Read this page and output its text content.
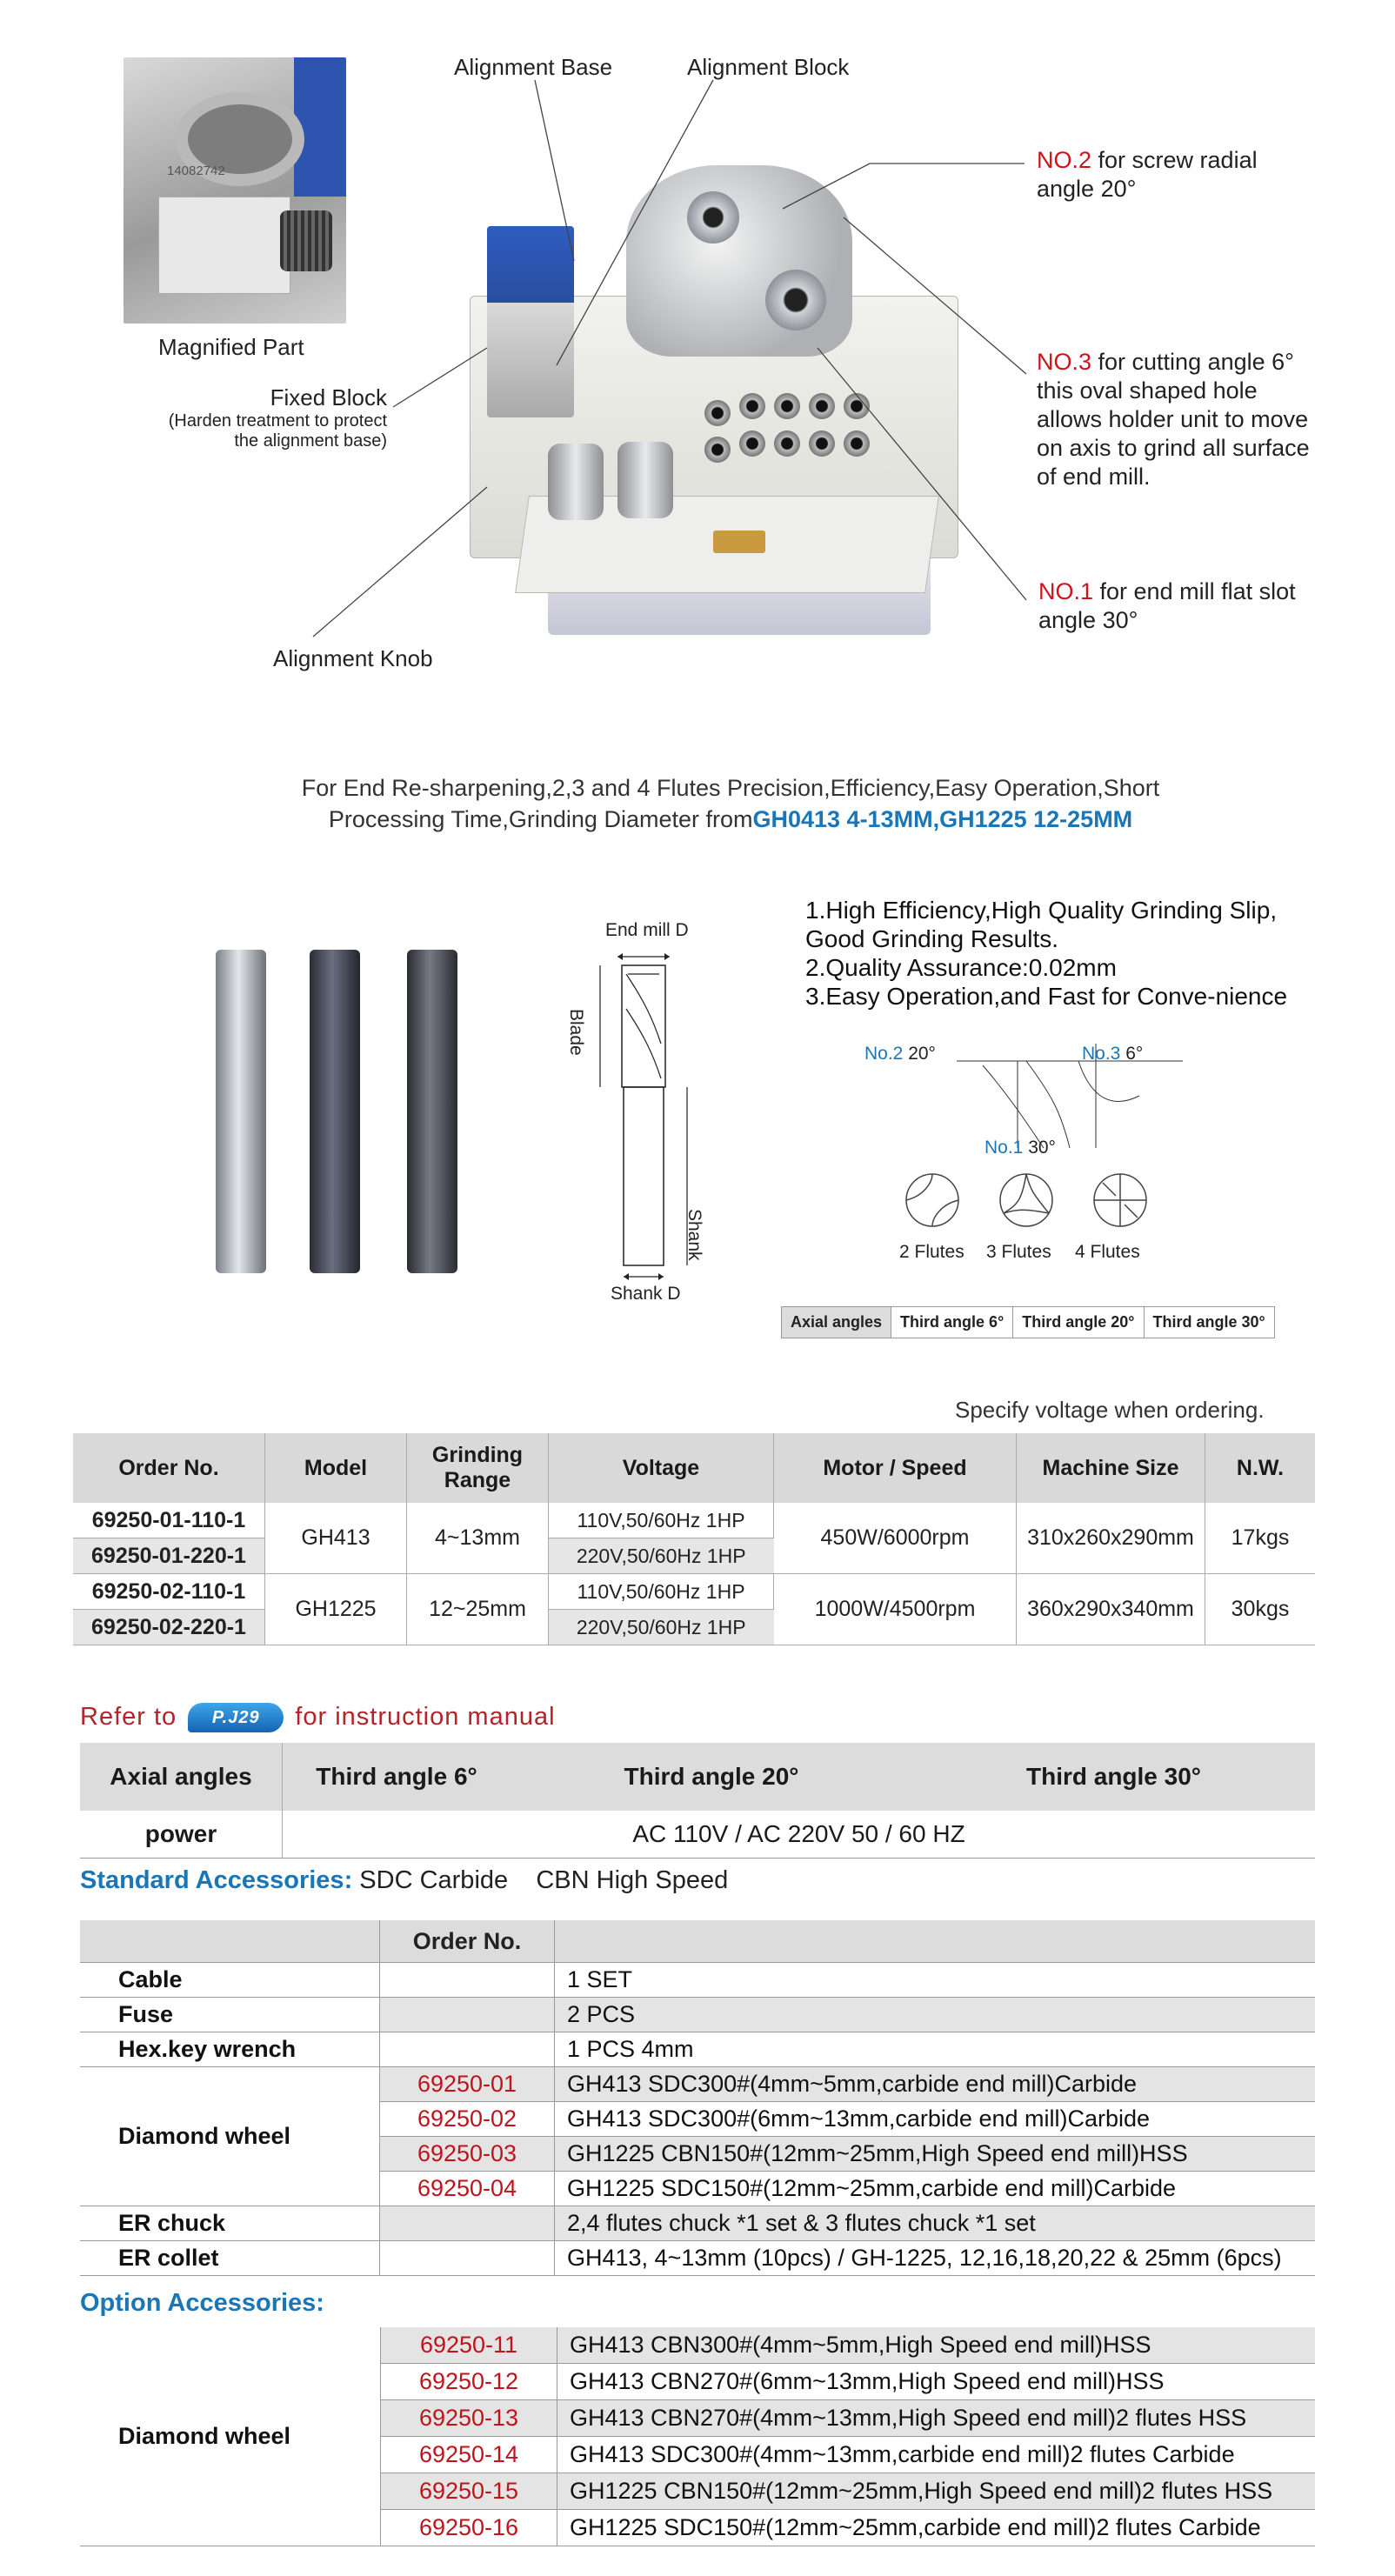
14082742
Magnified Part
Alignment Base	Alignment Block
Fixed Block
(Harden treatment to protect
the alignment base)
Alignment Knob
NO.2 for screw radial
angle 20°
NO.3 for cutting angle 6°
this oval shaped hole
allows holder unit to move
on axis to grind all surface
of end mill.
NO.1 for end mill flat slot
angle 30°
For End Re-sharpening,2,3 and 4 Flutes Precision,Efficiency,Easy Operation,Short
Processing Time,Grinding Diameter fromGH0413 4-13MM,GH1225 12-25MM
End mill D
Blade
Shank
Shank D
1.High Efficiency,High Quality Grinding Slip,
Good Grinding Results.
2.Quality Assurance:0.02mm
3.Easy Operation,and Fast for Conve-nience
No.2 20°	No.3 6°
No.1 30°
2 Flutes 3 Flutes 4 Flutes
Axial angles	Third angle 6°	Third angle 20°	Third angle 30°
Specify voltage when ordering.
Order No.	Model	Grinding Range	Voltage	Motor / Speed	Machine Size	N.W.
69250-01-110-1	GH413	4~13mm	110V,50/60Hz 1HP	450W/6000rpm	310x260x290mm	17kgs
69250-01-220-1			220V,50/60Hz 1HP			
69250-02-110-1	GH1225	12~25mm	110V,50/60Hz 1HP	1000W/4500rpm	360x290x340mm	30kgs
69250-02-220-1			220V,50/60Hz 1HP			
Refer to P.J29 for instruction manual
Axial angles	Third angle 6°	Third angle 20°	Third angle 30°
power	AC 110V / AC 220V 50 / 60 HZ		
Standard Accessories: SDC Carbide    CBN High Speed
	Order No.	
Cable		1 SET
Fuse		2 PCS
Hex.key wrench		1 PCS 4mm
Diamond wheel	69250-01	GH413 SDC300#(4mm~5mm,carbide end mill)Carbide
	69250-02	GH413 SDC300#(6mm~13mm,carbide end mill)Carbide
	69250-03	GH1225 CBN150#(12mm~25mm,High Speed end mill)HSS
	69250-04	GH1225 SDC150#(12mm~25mm,carbide end mill)Carbide
ER chuck		2,4 flutes chuck *1 set & 3 flutes chuck *1 set
ER collet		GH413, 4~13mm (10pcs) / GH-1225, 12,16,18,20,22 & 25mm (6pcs)
Option Accessories:
Diamond wheel	69250-11	GH413 CBN300#(4mm~5mm,High Speed end mill)HSS
	69250-12	GH413 CBN270#(6mm~13mm,High Speed end mill)HSS
	69250-13	GH413 CBN270#(4mm~13mm,High Speed end mill)2 flutes HSS
	69250-14	GH413 SDC300#(4mm~13mm,carbide end mill)2 flutes Carbide
	69250-15	GH1225 CBN150#(12mm~25mm,High Speed end mill)2 flutes HSS
	69250-16	GH1225 SDC150#(12mm~25mm,carbide end mill)2 flutes Carbide
